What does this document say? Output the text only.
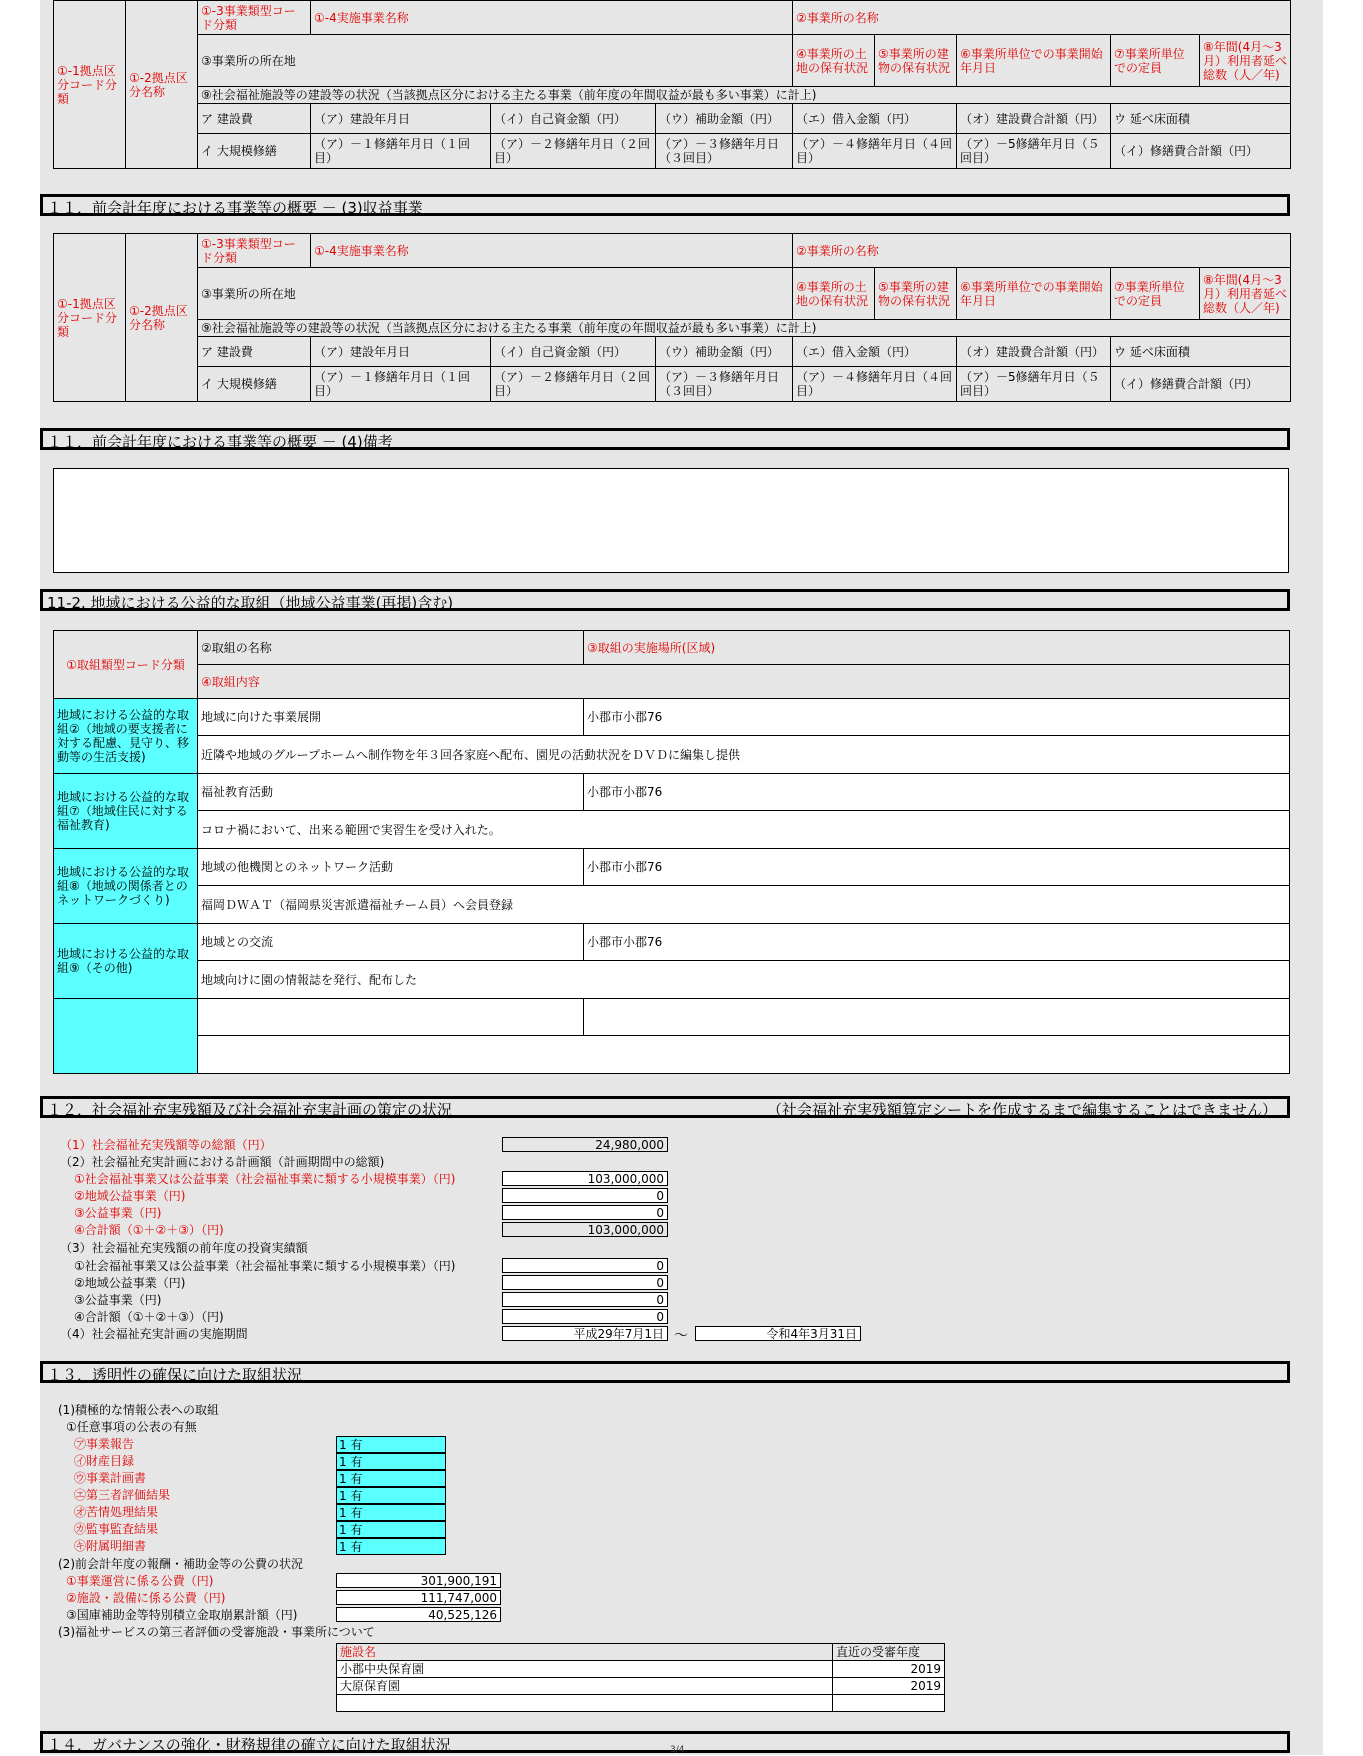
①-1拠点区分コード分類	①-2拠点区分名称	①-3事業類型コード分類	①-4実施事業名称			②事業所の名称				
		③事業所の所在地				④事業所の土地の保有状況	⑤事業所の建物の保有状況	⑥事業所単位での事業開始年月日	⑦事業所単位での定員	⑧年間(4月～3月）利用者延べ総数（人／年)
		⑨社会福祉施設等の建設等の状況（当該拠点区分における主たる事業（前年度の年間収益が最も多い事業）に計上)								
		ア 建設費	（ア）建設年月日	（イ）自己資金額（円）	（ウ）補助金額（円）	（エ）借入金額（円）		（オ）建設費合計額（円）	ウ 延べ床面積	
		イ 大規模修繕	（ア）－１修繕年月日（１回目）	（ア）－２修繕年月日（２回目）	（ア）－３修繕年月日（３回目）	（ア）－４修繕年月日（４回目）		（ア）－5修繕年月日（５回目）	（イ）修繕費合計額（円）	
１１．前会計年度における事業等の概要 － (3)収益事業
①-1拠点区分コード分類	①-2拠点区分名称	①-3事業類型コード分類	①-4実施事業名称			②事業所の名称				
		③事業所の所在地				④事業所の土地の保有状況	⑤事業所の建物の保有状況	⑥事業所単位での事業開始年月日	⑦事業所単位での定員	⑧年間(4月～3月）利用者延べ総数（人／年)
		⑨社会福祉施設等の建設等の状況（当該拠点区分における主たる事業（前年度の年間収益が最も多い事業）に計上)								
		ア 建設費	（ア）建設年月日	（イ）自己資金額（円）	（ウ）補助金額（円）	（エ）借入金額（円）		（オ）建設費合計額（円）	ウ 延べ床面積	
		イ 大規模修繕	（ア）－１修繕年月日（１回目）	（ア）－２修繕年月日（２回目）	（ア）－３修繕年月日（３回目）	（ア）－４修繕年月日（４回目）		（ア）－5修繕年月日（５回目）	（イ）修繕費合計額（円）	
１１．前会計年度における事業等の概要 － (4)備考
11-2. 地域における公益的な取組（地域公益事業(再掲)含む)
①取組類型コード分類	②取組の名称	③取組の実施場所(区域)
	④取組内容	
地域における公益的な取組②（地域の要支援者に対する配慮、見守り、移動等の生活支援)	地域に向けた事業展開	小郡市小郡76
	近隣や地域のグループホームへ制作物を年３回各家庭へ配布、園児の活動状況をＤＶＤに編集し提供	
地域における公益的な取組⑦（地域住民に対する福祉教育)	福祉教育活動	小郡市小郡76
	コロナ禍において、出来る範囲で実習生を受け入れた。	
地域における公益的な取組⑧（地域の関係者とのネットワークづくり)	地域の他機関とのネットワーク活動	小郡市小郡76
	福岡ＤＷＡＴ（福岡県災害派遣福祉チーム員）へ会員登録	
地域における公益的な取組⑨（その他)	地域との交流	小郡市小郡76
	地域向けに園の情報誌を発行、配布した	

１２．社会福祉充実残額及び社会福祉充実計画の策定の状況	（社会福祉充実残額算定シートを作成するまで編集することはできません）
（1）社会福祉充実残額等の総額（円）	24,980,000
（2）社会福祉充実計画における計画額（計画期間中の総額)
①社会福祉事業又は公益事業（社会福祉事業に類する小規模事業）（円)	103,000,000
②地域公益事業（円)	0
③公益事業（円)	0
④合計額（①＋②＋③）（円)	103,000,000
（3）社会福祉充実残額の前年度の投資実績額
①社会福祉事業又は公益事業（社会福祉事業に類する小規模事業）（円)	0
②地域公益事業（円)	0
③公益事業（円)	0
④合計額（①＋②＋③）（円)	0
（4）社会福祉充実計画の実施期間	平成29年7月1日 ～	令和4年3月31日
１３．透明性の確保に向けた取組状況
(1)積極的な情報公表への取組
①任意事項の公表の有無
㋐事業報告	1 有
㋑財産目録	1 有
㋒事業計画書	1 有
㋓第三者評価結果	1 有
㋔苦情処理結果	1 有
㋕監事監査結果	1 有
㋖附属明細書	1 有
(2)前会計年度の報酬・補助金等の公費の状況
①事業運営に係る公費（円)	301,900,191
②施設・設備に係る公費（円)	111,747,000
③国庫補助金等特別積立金取崩累計額（円)	40,525,126
(3)福祉サービスの第三者評価の受審施設・事業所について
施設名	直近の受審年度
小郡中央保育園	2019
大原保育園	2019

１４．ガバナンスの強化・財務規律の確立に向けた取組状況	3/4
